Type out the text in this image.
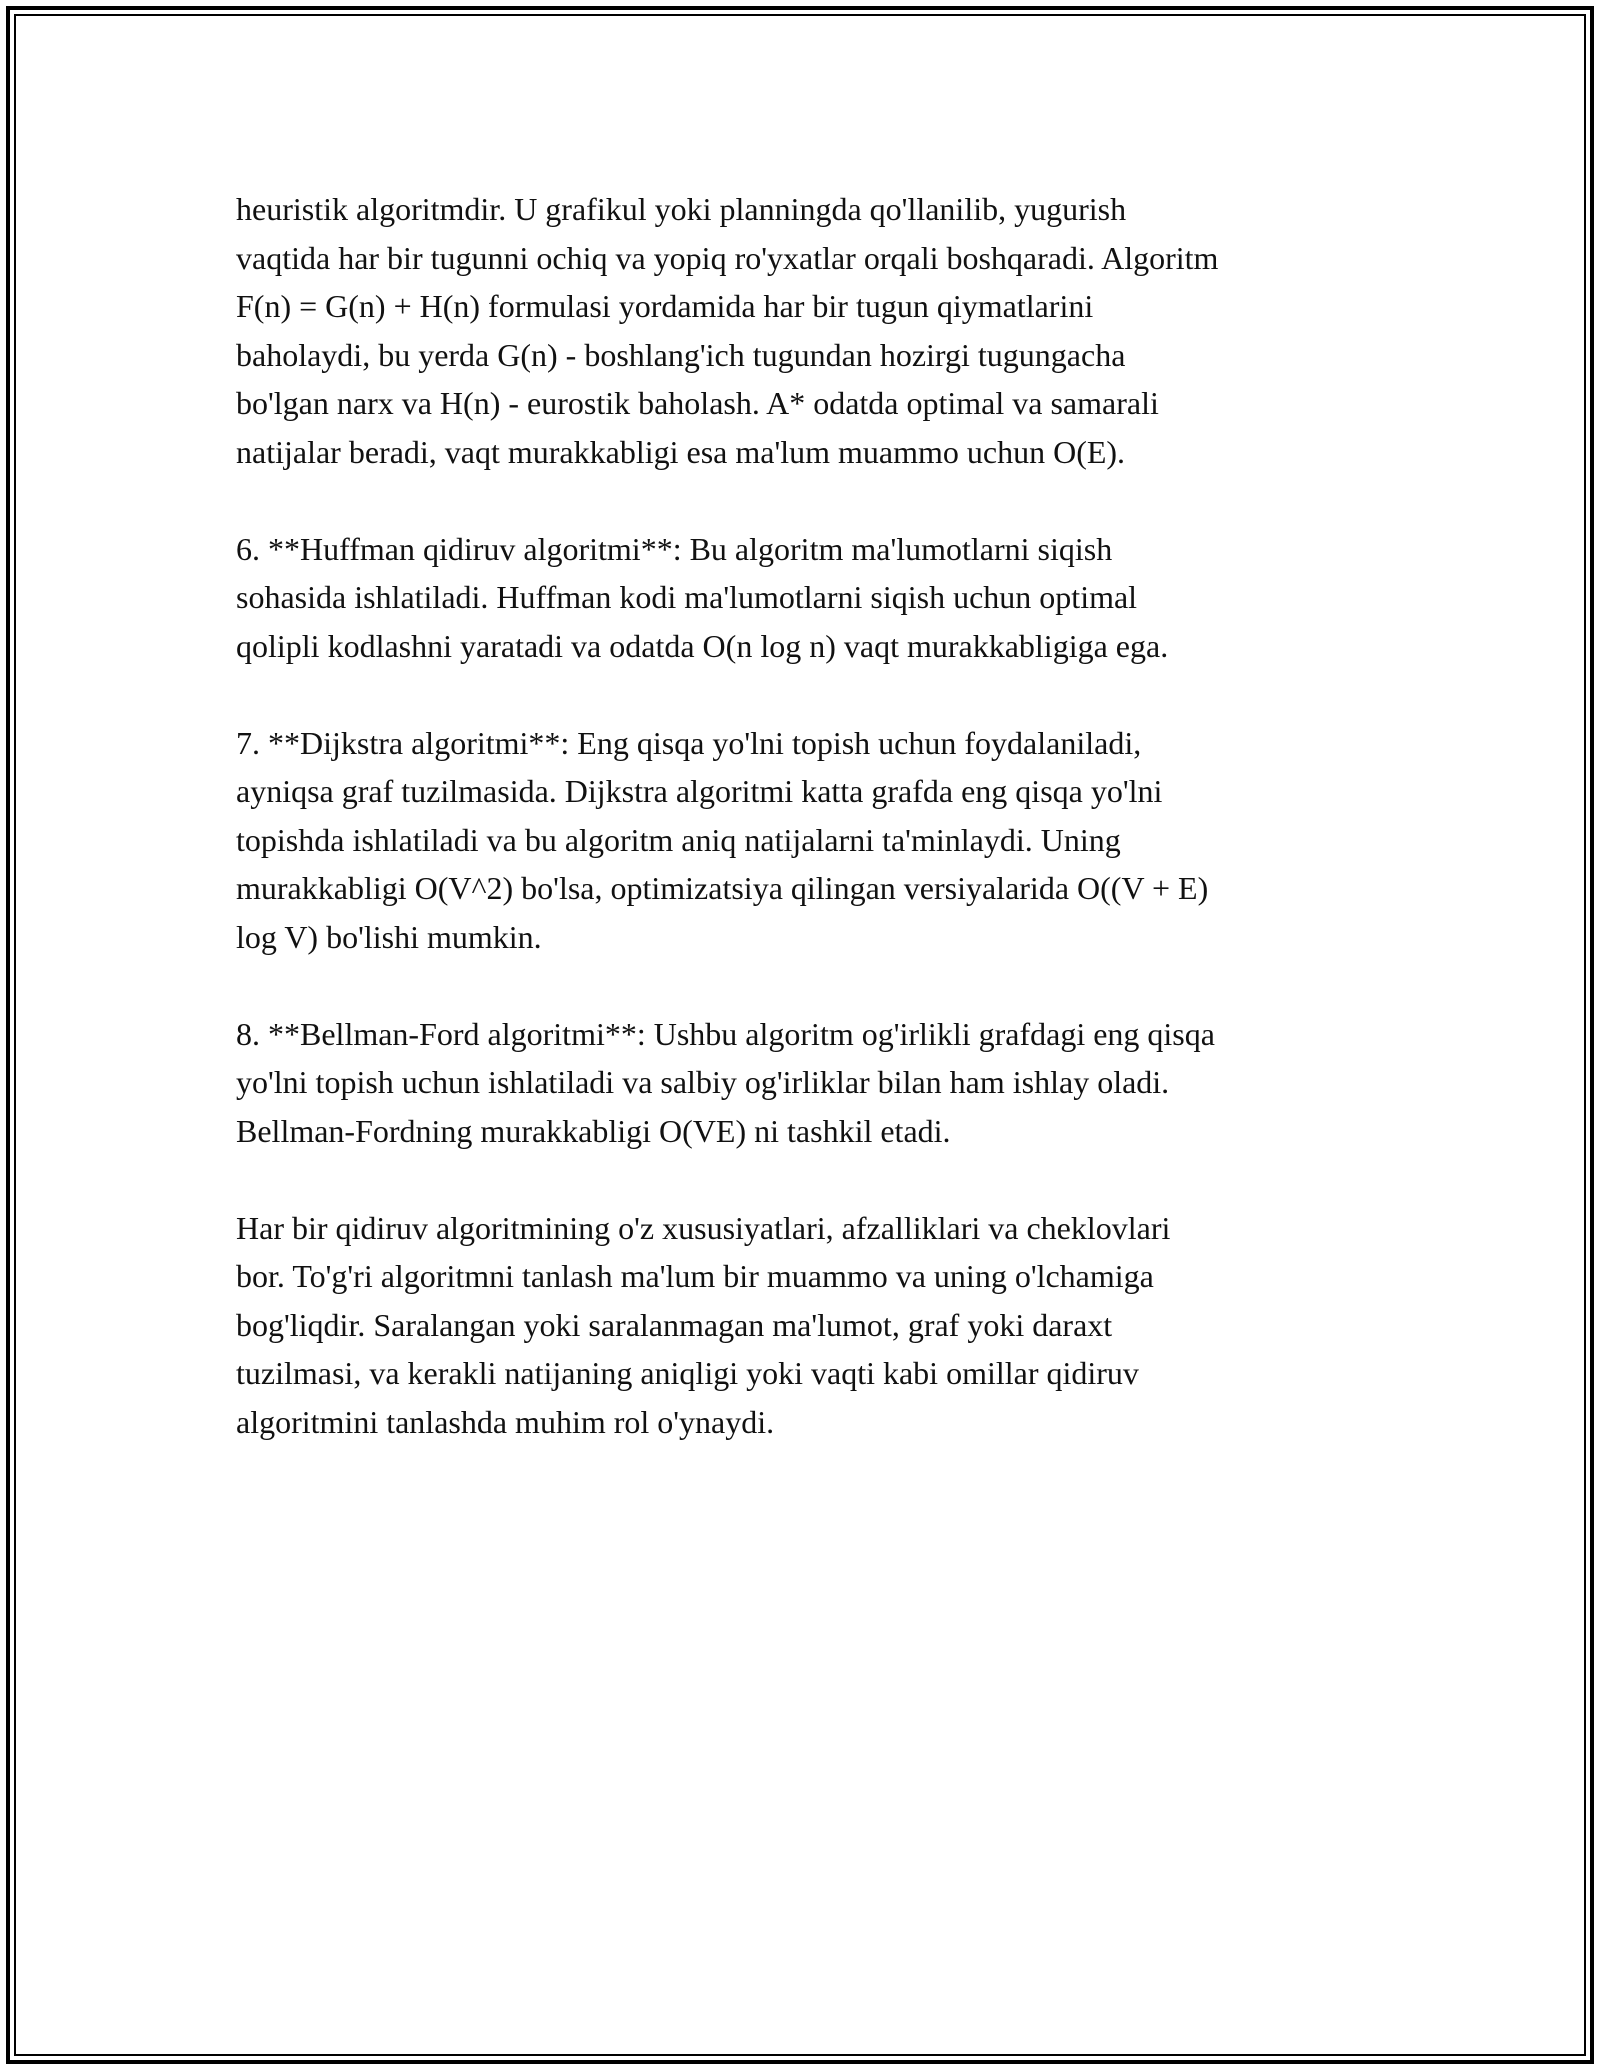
heuristik algoritmdir. U grafikul yoki planningda qo'llanilib, yugurish
vaqtida har bir tugunni ochiq va yopiq ro'yxatlar orqali boshqaradi. Algoritm
F(n) = G(n) + H(n) formulasi yordamida har bir tugun qiymatlarini
baholaydi, bu yerda G(n) - boshlang'ich tugundan hozirgi tugungacha
bo'lgan narx va H(n) - eurostik baholash. A* odatda optimal va samarali
natijalar beradi, vaqt murakkabligi esa ma'lum muammo uchun O(E).

6. **Huffman qidiruv algoritmi**: Bu algoritm ma'lumotlarni siqish
sohasida ishlatiladi. Huffman kodi ma'lumotlarni siqish uchun optimal
qolipli kodlashni yaratadi va odatda O(n log n) vaqt murakkabligiga ega.

7. **Dijkstra algoritmi**: Eng qisqa yo'lni topish uchun foydalaniladi,
ayniqsa graf tuzilmasida. Dijkstra algoritmi katta grafda eng qisqa yo'lni
topishda ishlatiladi va bu algoritm aniq natijalarni ta'minlaydi. Uning
murakkabligi O(V^2) bo'lsa, optimizatsiya qilingan versiyalarida O((V + E)
log V) bo'lishi mumkin.

8. **Bellman-Ford algoritmi**: Ushbu algoritm og'irlikli grafdagi eng qisqa
yo'lni topish uchun ishlatiladi va salbiy og'irliklar bilan ham ishlay oladi.
Bellman-Fordning murakkabligi O(VE) ni tashkil etadi.

Har bir qidiruv algoritmining o'z xususiyatlari, afzalliklari va cheklovlari
bor. To'g'ri algoritmni tanlash ma'lum bir muammo va uning o'lchamiga
bog'liqdir. Saralangan yoki saralanmagan ma'lumot, graf yoki daraxt
tuzilmasi, va kerakli natijaning aniqligi yoki vaqti kabi omillar qidiruv
algoritmini tanlashda muhim rol o'ynaydi.
